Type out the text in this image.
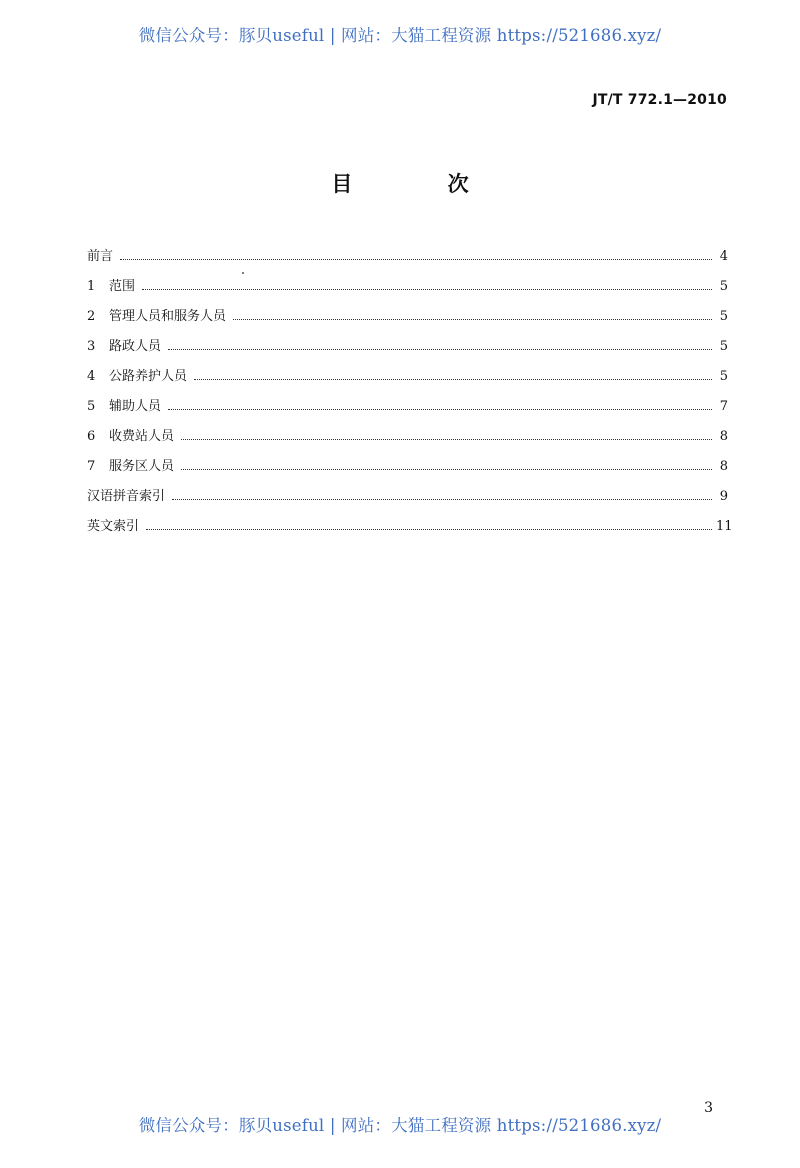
微信公众号：豚贝useful | 网站：大猫工程资源 https://521686.xyz/
JT/T 772.1—2010
目 次
前言	4
1	范围	5
2	管理人员和服务人员	5
3	路政人员	5
4	公路养护人员	5
5	辅助人员	7
6	收费站人员	8
7	服务区人员	8
汉语拼音索引	9
英文索引	11
3
微信公众号：豚贝useful | 网站：大猫工程资源 https://521686.xyz/
